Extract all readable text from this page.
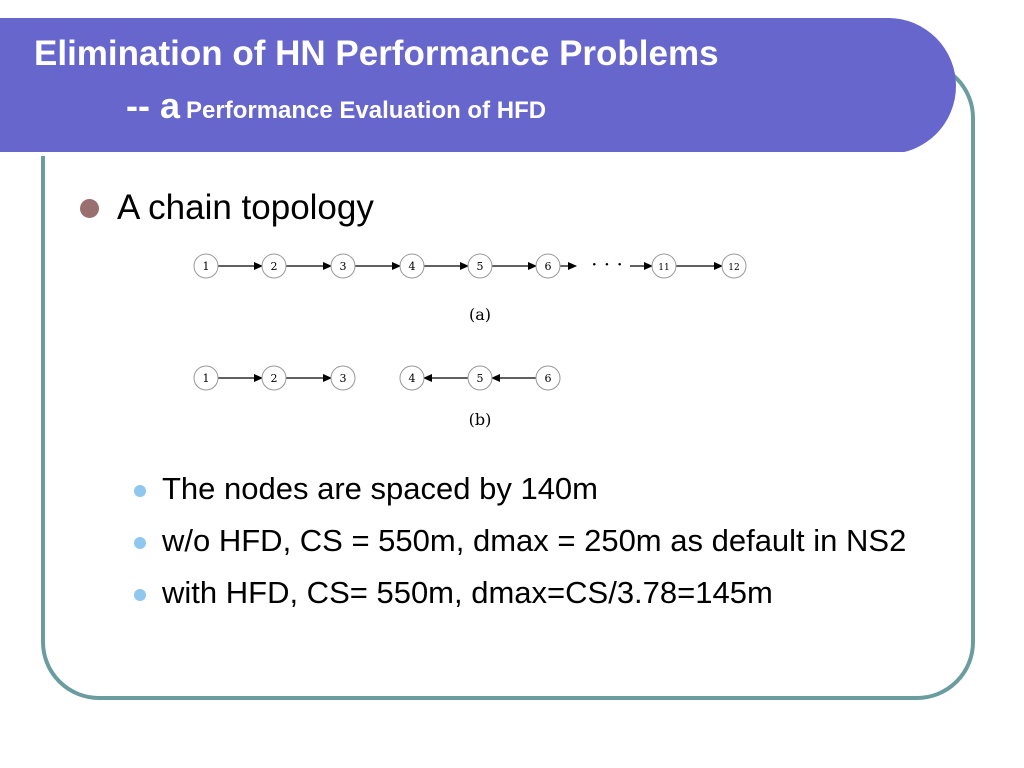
Elimination of HN Performance Problems
-- a Performance Evaluation of HFD
A chain topology
1	2	3	4	5	6	11	12
1	2	3	4	5	6
· · ·
(a)
(b)
The nodes are spaced by 140m
w/o HFD, CS = 550m, dmax = 250m as default in NS2
with HFD, CS= 550m, dmax=CS/3.78=145m
